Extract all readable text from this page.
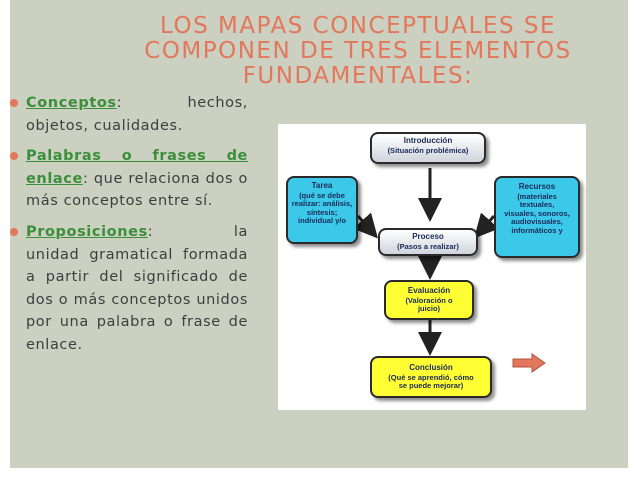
LOS MAPAS CONCEPTUALES SE
COMPONEN DE TRES ELEMENTOS
FUNDAMENTALES:
Conceptos:      hechos, objetos, cualidades.
Palabras o frases de enlace: que relaciona dos o más conceptos entre sí.
Proposiciones:        la unidad gramatical formada a partir del significado de dos o más conceptos unidos por una palabra o frase de enlace.
Introducción
(Situación problémica)
Tarea
(qué se debe
realizar: análisis,
síntesis;
individual y/o
Recursos
(materiales
textuales,
visuales, sonoros,
audiovisuales,
informáticos y
Proceso
(Pasos a realizar)
Evaluación
(Valoración o
juicio)
Conclusión
(Qué se aprendió, cómo
se puede mejorar)
